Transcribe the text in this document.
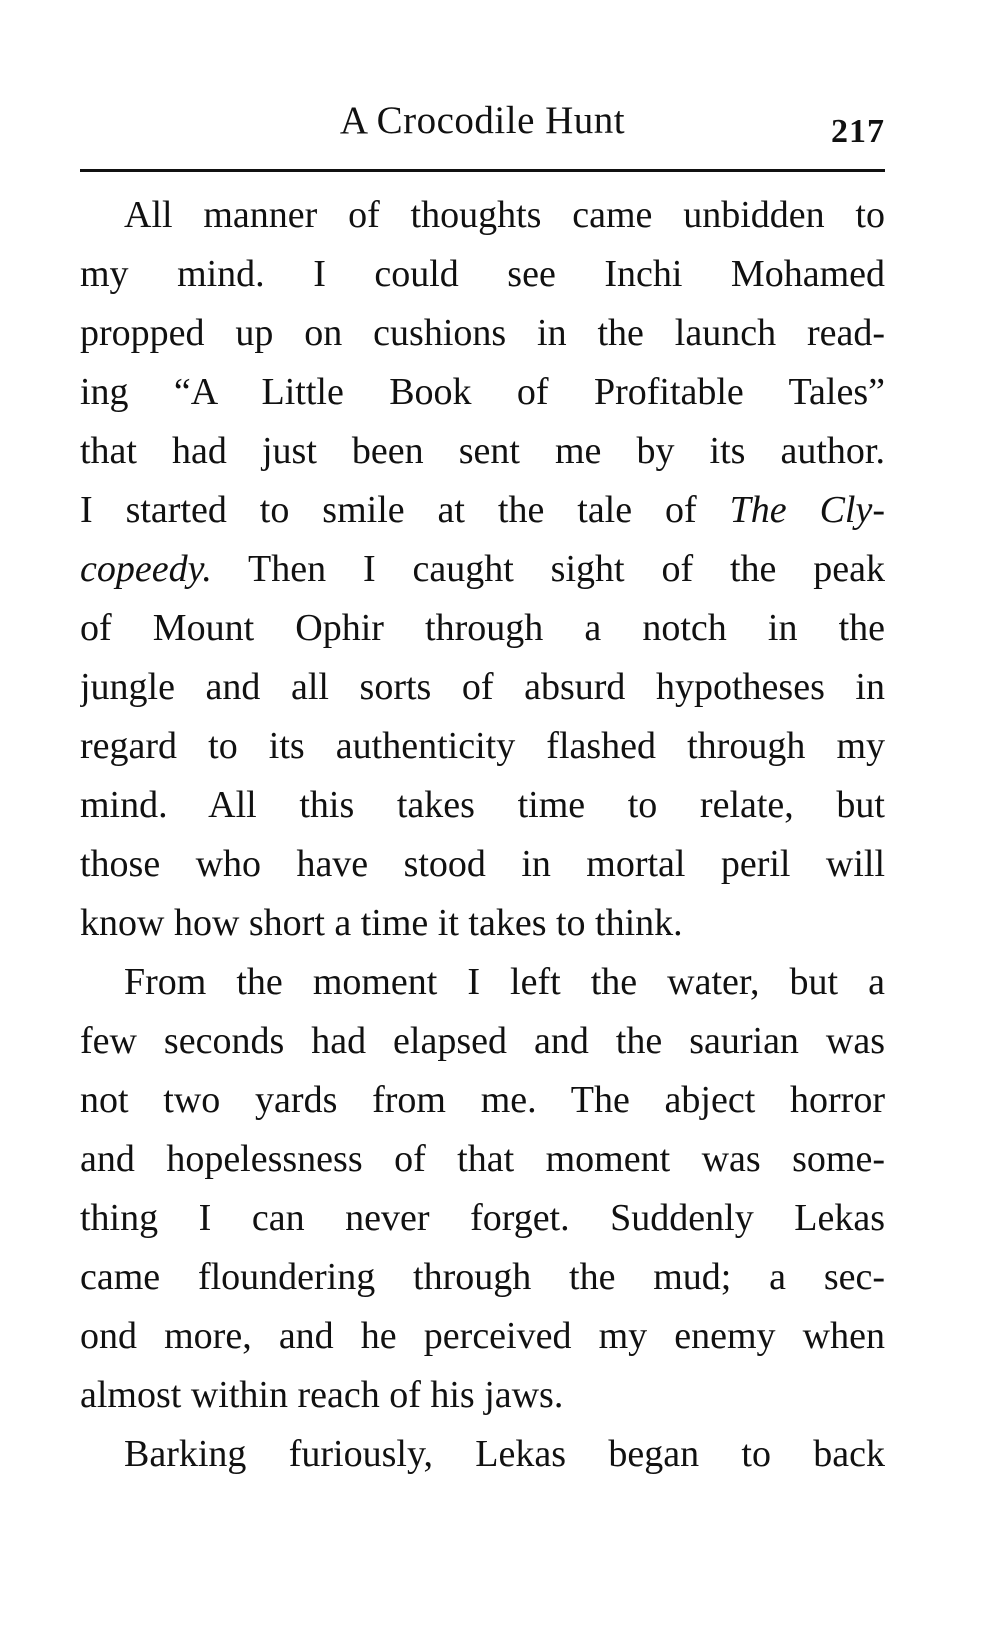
A Crocodile Hunt	217
All manner of thoughts came unbidden to
my mind. I could see Inchi Mohamed
propped up on cushions in the launch read-
ing “A Little Book of Profitable Tales”
that had just been sent me by its author.
I started to smile at the tale of The Cly-
copeedy. Then I caught sight of the peak
of Mount Ophir through a notch in the
jungle and all sorts of absurd hypotheses in
regard to its authenticity flashed through my
mind. All this takes time to relate, but
those who have stood in mortal peril will
know how short a time it takes to think.
From the moment I left the water, but a
few seconds had elapsed and the saurian was
not two yards from me. The abject horror
and hopelessness of that moment was some-
thing I can never forget. Suddenly Lekas
came floundering through the mud; a sec-
ond more, and he perceived my enemy when
almost within reach of his jaws.
Barking furiously, Lekas began to back
